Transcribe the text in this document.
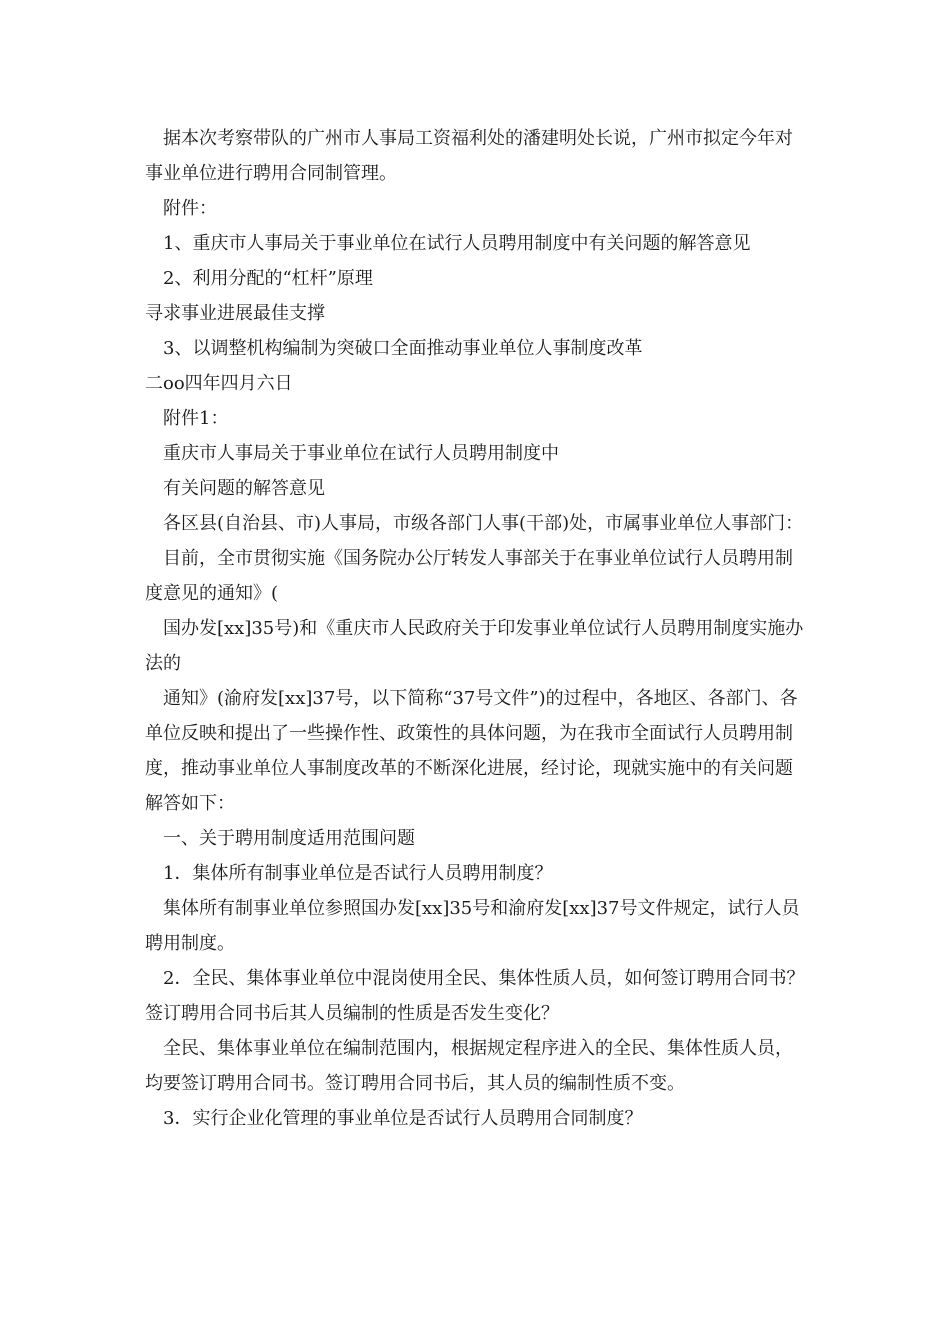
据本次考察带队的广州市人事局工资福利处的潘建明处长说，广州市拟定今年对事业单位进行聘用合同制管理。

附件：

1、重庆市人事局关于事业单位在试行人员聘用制度中有关问题的解答意见

2、利用分配的“杠杆”原理

寻求事业进展最佳支撑

3、以调整机构编制为突破口全面推动事业单位人事制度改革

二oo四年四月六日

附件1：

重庆市人事局关于事业单位在试行人员聘用制度中

有关问题的解答意见

各区县(自治县、市)人事局，市级各部门人事(干部)处，市属事业单位人事部门：

目前，全市贯彻实施《国务院办公厅转发人事部关于在事业单位试行人员聘用制度意见的通知》(

国办发[xx]35号)和《重庆市人民政府关于印发事业单位试行人员聘用制度实施办法的

通知》(渝府发[xx]37号，以下简称“37号文件”)的过程中，各地区、各部门、各单位反映和提出了一些操作性、政策性的具体问题，为在我市全面试行人员聘用制度，推动事业单位人事制度改革的不断深化进展，经讨论，现就实施中的有关问题解答如下：

一、关于聘用制度适用范围问题

1．集体所有制事业单位是否试行人员聘用制度？

集体所有制事业单位参照国办发[xx]35号和渝府发[xx]37号文件规定，试行人员聘用制度。

2．全民、集体事业单位中混岗使用全民、集体性质人员，如何签订聘用合同书？签订聘用合同书后其人员编制的性质是否发生变化？

全民、集体事业单位在编制范围内，根据规定程序进入的全民、集体性质人员，均要签订聘用合同书。签订聘用合同书后，其人员的编制性质不变。

3．实行企业化管理的事业单位是否试行人员聘用合同制度？
